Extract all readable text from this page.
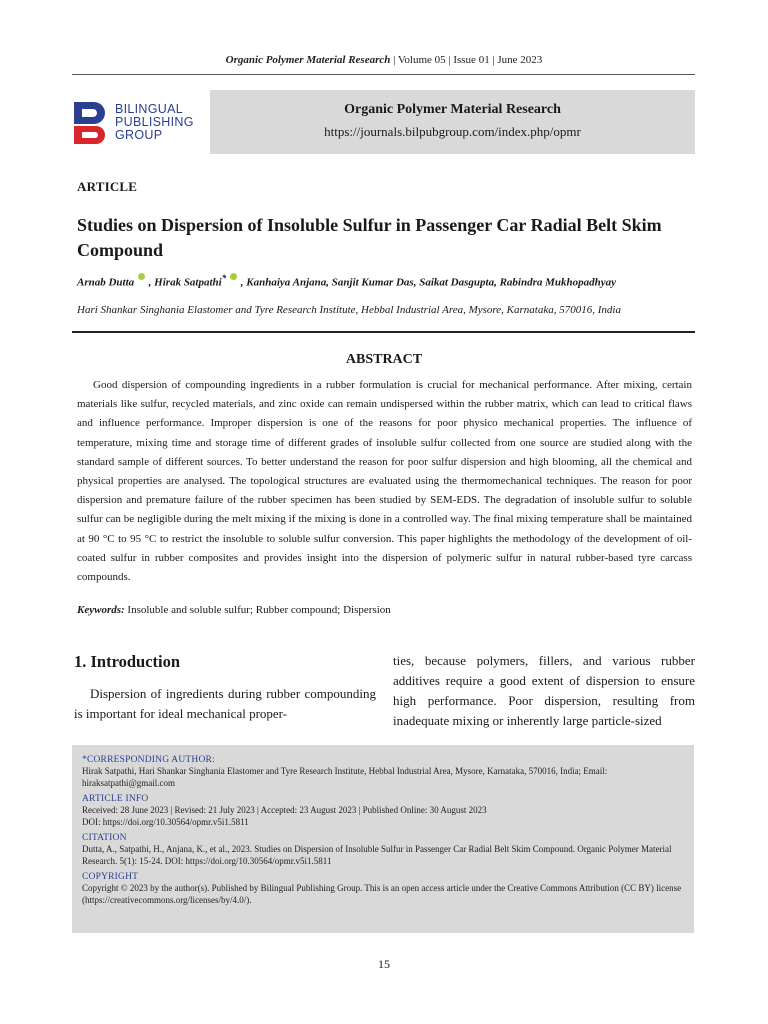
Organic Polymer Material Research | Volume 05 | Issue 01 | June 2023
BILINGUAL
PUBLISHING
GROUP
Organic Polymer Material Research
https://journals.bilpubgroup.com/index.php/opmr
ARTICLE
Studies on Dispersion of Insoluble Sulfur in Passenger Car Radial Belt Skim Compound
Arnab Dutta  , Hirak Satpathi*  , Kanhaiya Anjana, Sanjit Kumar Das, Saikat Dasgupta, Rabindra Mukhopadhyay
Hari Shankar Singhania Elastomer and Tyre Research Institute, Hebbal Industrial Area, Mysore, Karnataka, 570016, India
ABSTRACT
Good dispersion of compounding ingredients in a rubber formulation is crucial for mechanical performance. After mixing, certain materials like sulfur, recycled materials, and zinc oxide can remain undispersed within the rubber matrix, which can lead to critical flaws and influence performance. Improper dispersion is one of the reasons for poor physico mechanical properties. The influence of temperature, mixing time and storage time of different grades of insoluble sulfur collected from one source are studied along with the standard sample of different sources. To better understand the reason for poor sulfur dispersion and high blooming, all the chemical and physical properties are analysed. The topological structures are evaluated using the thermomechanical techniques. The reason for poor dispersion and premature failure of the rubber specimen has been studied by SEM-EDS. The degradation of insoluble sulfur to soluble sulfur can be negligible during the melt mixing if the mixing is done in a controlled way. The final mixing temperature shall be maintained at 90 °C to 95 °C to restrict the insoluble to soluble sulfur conversion. This paper highlights the methodology of the development of oil-coated sulfur in rubber composites and provides insight into the dispersion of polymeric sulfur in natural rubber-based tyre carcass compounds.
Keywords: Insoluble and soluble sulfur; Rubber compound; Dispersion
1. Introduction
Dispersion of ingredients during rubber compounding is important for ideal mechanical proper-
ties, because polymers, fillers, and various rubber additives require a good extent of dispersion to ensure high performance. Poor dispersion, resulting from inadequate mixing or inherently large particle-sized
*CORRESPONDING AUTHOR:
Hirak Satpathi, Hari Shankar Singhania Elastomer and Tyre Research Institute, Hebbal Industrial Area, Mysore, Karnataka, 570016, India; Email: hiraksatpathi@gmail.com
ARTICLE INFO
Received: 28 June 2023 | Revised: 21 July 2023 | Accepted: 23 August 2023 | Published Online: 30 August 2023
DOI: https://doi.org/10.30564/opmr.v5i1.5811
CITATION
Dutta, A., Satpathi, H., Anjana, K., et al., 2023. Studies on Dispersion of Insoluble Sulfur in Passenger Car Radial Belt Skim Compound. Organic Polymer Material Research. 5(1): 15-24. DOI: https://doi.org/10.30564/opmr.v5i1.5811
COPYRIGHT
Copyright © 2023 by the author(s). Published by Bilingual Publishing Group. This is an open access article under the Creative Commons Attribution (CC BY) license (https://creativecommons.org/licenses/by/4.0/).
15
